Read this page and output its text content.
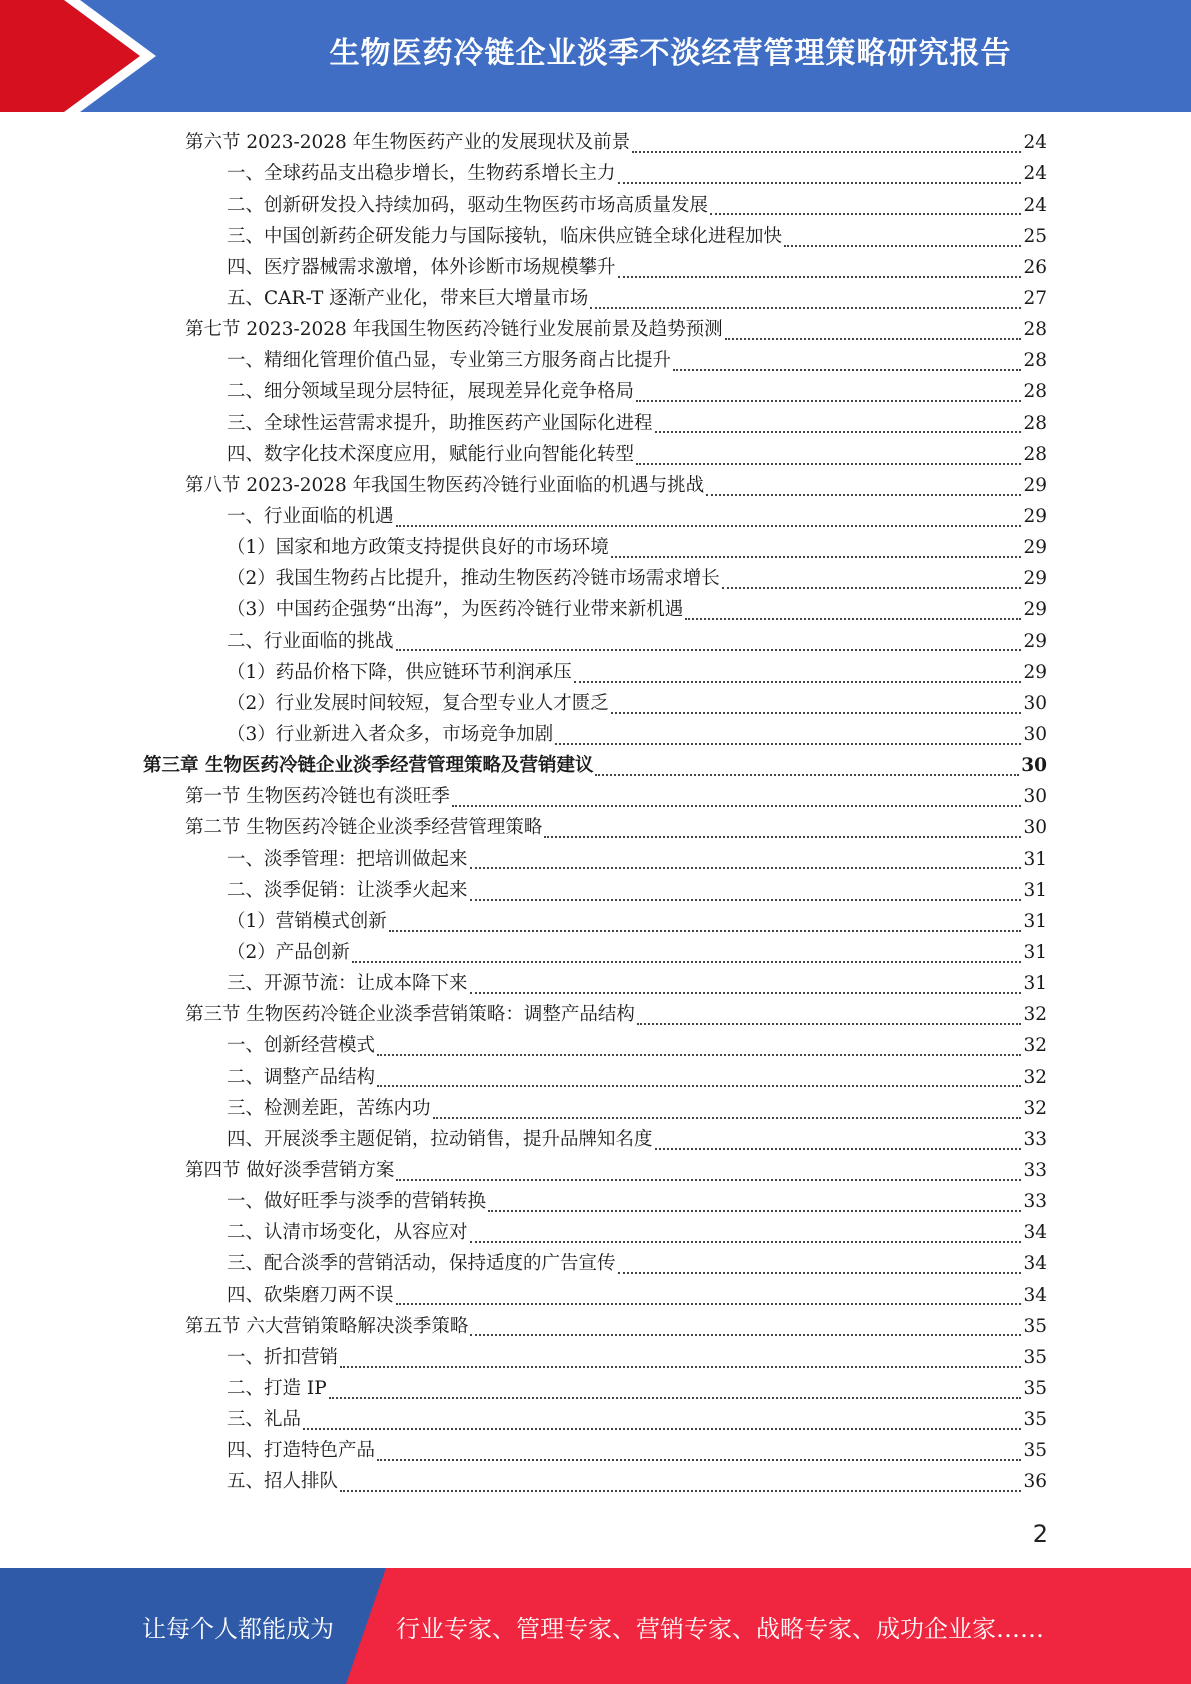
生物医药冷链企业淡季不淡经营管理策略研究报告
第六节 2023-2028 年生物医药产业的发展现状及前景	24
一、全球药品支出稳步增长，生物药系增长主力	24
二、创新研发投入持续加码，驱动生物医药市场高质量发展	24
三、中国创新药企研发能力与国际接轨，临床供应链全球化进程加快	25
四、医疗器械需求激增，体外诊断市场规模攀升	26
五、CAR-T 逐渐产业化，带来巨大增量市场	27
第七节 2023-2028 年我国生物医药冷链行业发展前景及趋势预测	28
一、精细化管理价值凸显，专业第三方服务商占比提升	28
二、细分领域呈现分层特征，展现差异化竞争格局	28
三、全球性运营需求提升，助推医药产业国际化进程	28
四、数字化技术深度应用，赋能行业向智能化转型	28
第八节 2023-2028 年我国生物医药冷链行业面临的机遇与挑战	29
一、行业面临的机遇	29
（1）国家和地方政策支持提供良好的市场环境	29
（2）我国生物药占比提升，推动生物医药冷链市场需求增长	29
（3）中国药企强势“出海”，为医药冷链行业带来新机遇	29
二、行业面临的挑战	29
（1）药品价格下降，供应链环节利润承压	29
（2）行业发展时间较短，复合型专业人才匮乏	30
（3）行业新进入者众多，市场竞争加剧	30
第三章 生物医药冷链企业淡季经营管理策略及营销建议	30
第一节 生物医药冷链也有淡旺季	30
第二节 生物医药冷链企业淡季经营管理策略	30
一、淡季管理：把培训做起来	31
二、淡季促销：让淡季火起来	31
（1）营销模式创新	31
（2）产品创新	31
三、开源节流：让成本降下来	31
第三节 生物医药冷链企业淡季营销策略：调整产品结构	32
一、创新经营模式	32
二、调整产品结构	32
三、检测差距，苦练内功	32
四、开展淡季主题促销，拉动销售，提升品牌知名度	33
第四节 做好淡季营销方案	33
一、做好旺季与淡季的营销转换	33
二、认清市场变化，从容应对	34
三、配合淡季的营销活动，保持适度的广告宣传	34
四、砍柴磨刀两不误	34
第五节 六大营销策略解决淡季策略	35
一、折扣营销	35
二、打造 IP	35
三、礼品	35
四、打造特色产品	35
五、招人排队	36
2
让每个人都能成为	行业专家、管理专家、营销专家、战略专家、成功企业家……
